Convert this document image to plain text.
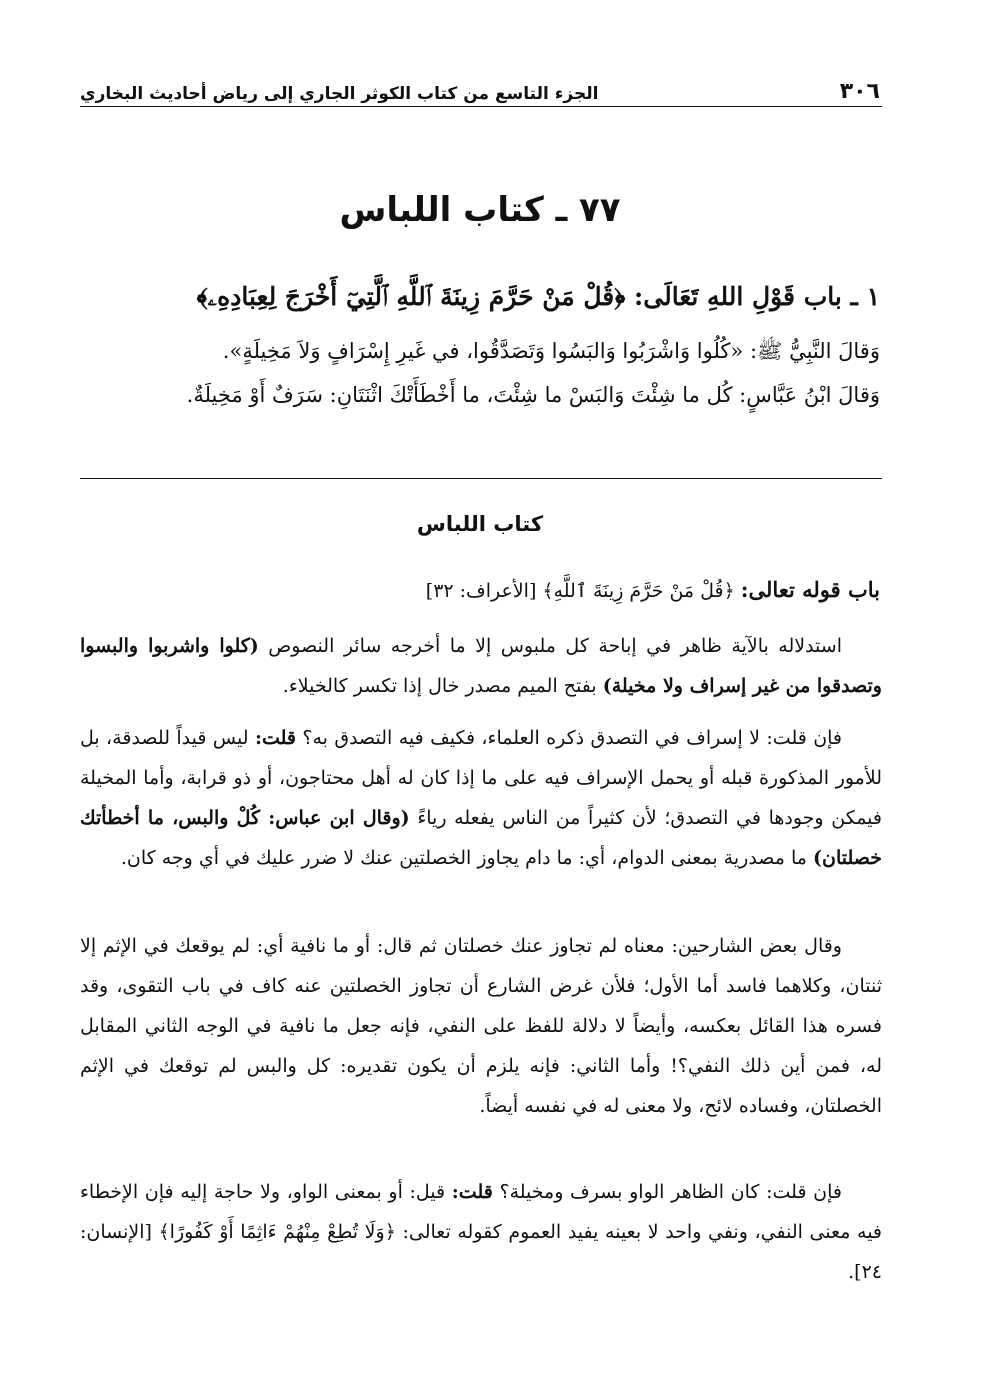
٣٠٦
الجزء التاسع من كتاب الكوثر الجاري إلى رياض أحاديث البخاري
٧٧ ـ كتاب اللباس
١ ـ باب قَوْلِ اللهِ تَعَالَى: ﴿قُلْ مَنْ حَرَّمَ زِينَةَ ٱللَّهِ ٱلَّتِيٓ أَخْرَجَ لِعِبَادِهِۦ﴾
وَقالَ النَّبِيُّ ﷺ: «كُلُوا وَاشْرَبُوا وَالبَسُوا وَتَصَدَّقُوا، في غَيرِ إِسْرَافٍ وَلاَ مَخِيلَةٍ».
وَقالَ ابْنُ عَبَّاسٍ: كُل ما شِئْتَ وَالبَسْ ما شِئْتَ، ما أَخْطَأَتْكَ اثْنَتَانِ: سَرَفٌ أَوْ مَخِيلَةٌ.
كتاب اللباس
باب قوله تعالى: ﴿قُلْ مَنْ حَرَّمَ زِينَةَ ٱللَّهِ﴾ [الأعراف: ٣٢]
استدلاله بالآية ظاهر في إباحة كل ملبوس إلا ما أخرجه سائر النصوص (كلوا واشربوا والبسوا وتصدقوا من غير إسراف ولا مخيلة) بفتح الميم مصدر خال إذا تكسر كالخيلاء.
فإن قلت: لا إسراف في التصدق ذكره العلماء، فكيف فيه التصدق به؟ قلت: ليس قيداً للصدقة، بل للأمور المذكورة قبله أو يحمل الإسراف فيه على ما إذا كان له أهل محتاجون، أو ذو قرابة، وأما المخيلة فيمكن وجودها في التصدق؛ لأن كثيراً من الناس يفعله رياءً (وقال ابن عباس: كُلْ والبس، ما أخطأتك خصلتان) ما مصدرية بمعنى الدوام، أي: ما دام يجاوز الخصلتين عنك لا ضرر عليك في أي وجه كان.
وقال بعض الشارحين: معناه لم تجاوز عنك خصلتان ثم قال: أو ما نافية أي: لم يوقعك في الإثم إلا ثنتان، وكلاهما فاسد أما الأول؛ فلأن غرض الشارع أن تجاوز الخصلتين عنه كاف في باب التقوى، وقد فسره هذا القائل بعكسه، وأيضاً لا دلالة للفظ على النفي، فإنه جعل ما نافية في الوجه الثاني المقابل له، فمن أين ذلك النفي؟! وأما الثاني: فإنه يلزم أن يكون تقديره: كل والبس لم توقعك في الإثم الخصلتان، وفساده لائح، ولا معنى له في نفسه أيضاً.
فإن قلت: كان الظاهر الواو بسرف ومخيلة؟ قلت: قيل: أو بمعنى الواو، ولا حاجة إليه فإن الإخطاء فيه معنى النفي، ونفي واحد لا بعينه يفيد العموم كقوله تعالى: ﴿وَلَا تُطِعْ مِنْهُمْ ءَاثِمًا أَوْ كَفُورًا﴾ [الإنسان: ٢٤].
